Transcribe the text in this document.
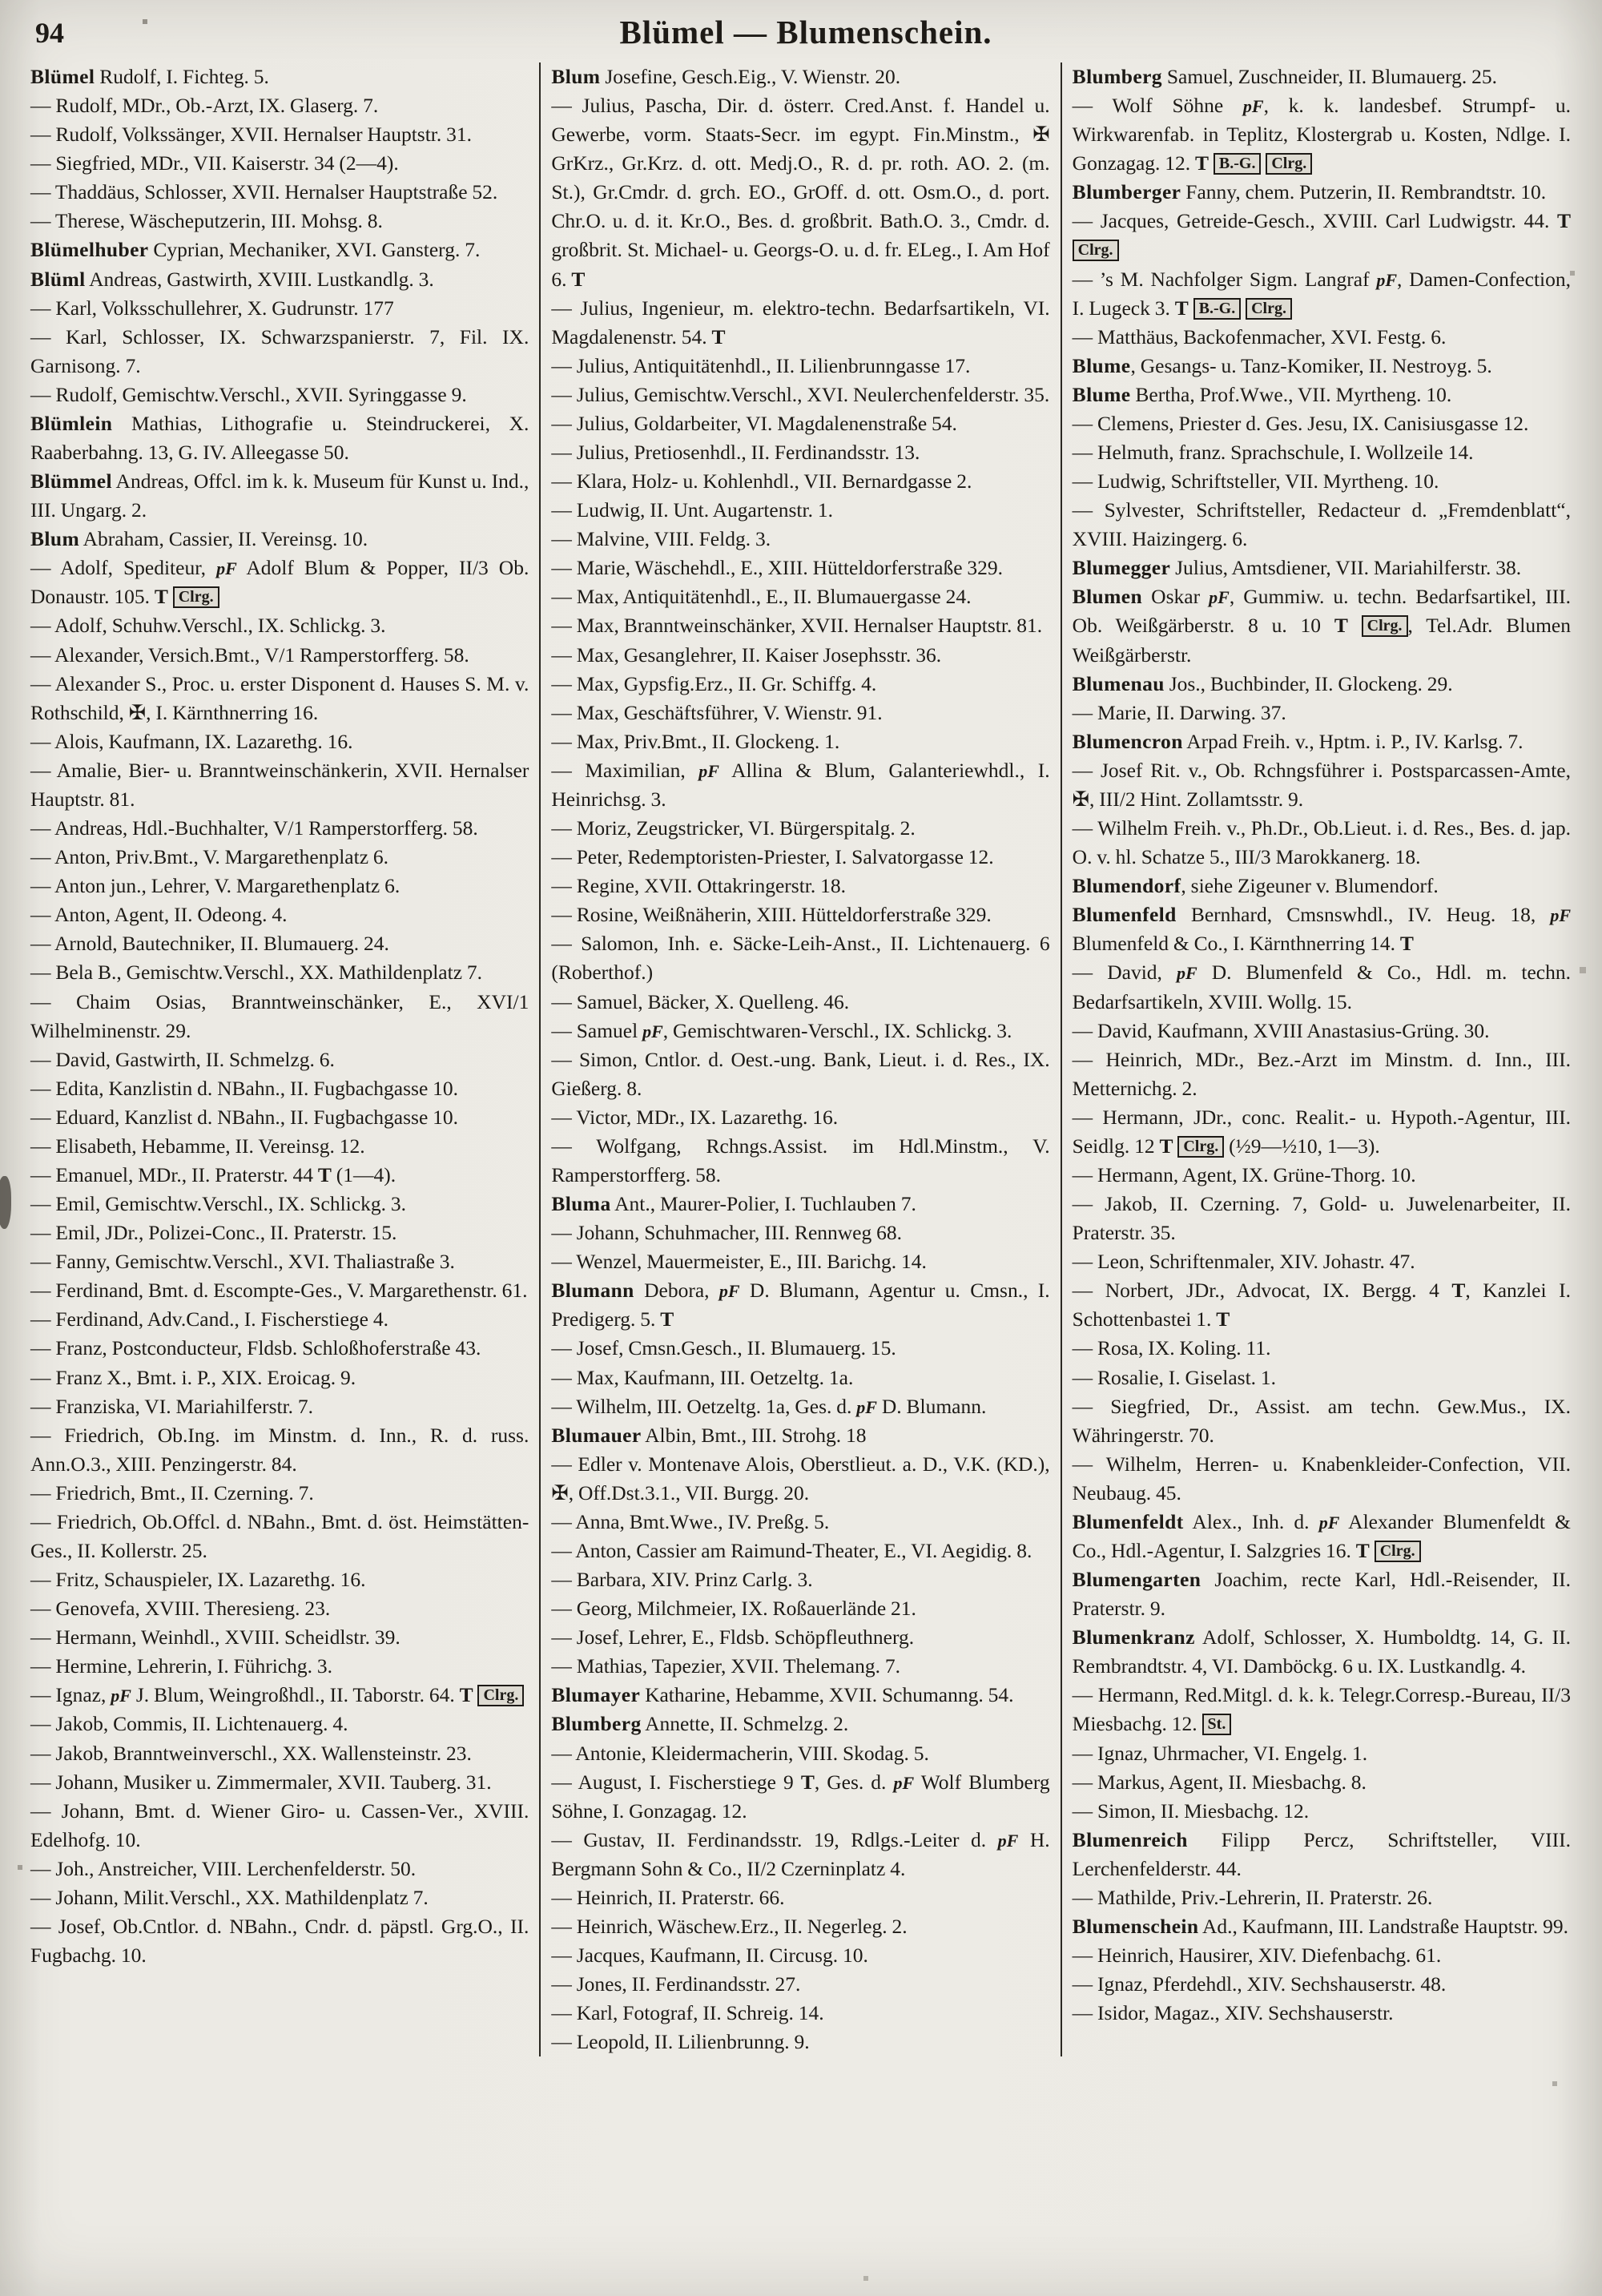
94	Blümel — Blumenschein.

Blümel Rudolf, I. Fichteg. 5.

— Rudolf, MDr., Ob.-Arzt, IX. Glaserg. 7.

— Rudolf, Volkssänger, XVII. Hernalser Hauptstr. 31.

— Siegfried, MDr., VII. Kaiserstr. 34 (2—4).

— Thaddäus, Schlosser, XVII. Hernalser Hauptstraße 52.

— Therese, Wäscheputzerin, III. Mohsg. 8.

Blümelhuber Cyprian, Mechaniker, XVI. Gansterg. 7.

Blüml Andreas, Gastwirth, XVIII. Lustkandlg. 3.

— Karl, Volksschullehrer, X. Gudrunstr. 177

— Karl, Schlosser, IX. Schwarzspanierstr. 7, Fil. IX. Garnisong. 7.

— Rudolf, Gemischtw.Verschl., XVII. Syringgasse 9.

Blümlein Mathias, Lithografie u. Steindruckerei, X. Raaberbahng. 13, G. IV. Alleegasse 50.

Blümmel Andreas, Offcl. im k. k. Museum für Kunst u. Ind., III. Ungarg. 2.

Blum Abraham, Cassier, II. Vereinsg. 10.

— Adolf, Spediteur, pF Adolf Blum & Popper, II/3 Ob. Donaustr. 105. T Clrg.

— Adolf, Schuhw.Verschl., IX. Schlickg. 3.

— Alexander, Versich.Bmt., V/1 Ramperstorfferg. 58.

— Alexander S., Proc. u. erster Disponent d. Hauses S. M. v. Rothschild, ✠, I. Kärnthnerring 16.

— Alois, Kaufmann, IX. Lazarethg. 16.

— Amalie, Bier- u. Branntweinschänkerin, XVII. Hernalser Hauptstr. 81.

— Andreas, Hdl.-Buchhalter, V/1 Ramperstorfferg. 58.

— Anton, Priv.Bmt., V. Margarethenplatz 6.

— Anton jun., Lehrer, V. Margarethenplatz 6.

— Anton, Agent, II. Odeong. 4.

— Arnold, Bautechniker, II. Blumauerg. 24.

— Bela B., Gemischtw.Verschl., XX. Mathildenplatz 7.

— Chaim Osias, Branntweinschänker, E., XVI/1 Wilhelminenstr. 29.

— David, Gastwirth, II. Schmelzg. 6.

— Edita, Kanzlistin d. NBahn., II. Fugbachgasse 10.

— Eduard, Kanzlist d. NBahn., II. Fugbachgasse 10.

— Elisabeth, Hebamme, II. Vereinsg. 12.

— Emanuel, MDr., II. Praterstr. 44 T (1—4).

— Emil, Gemischtw.Verschl., IX. Schlickg. 3.

— Emil, JDr., Polizei-Conc., II. Praterstr. 15.

— Fanny, Gemischtw.Verschl., XVI. Thaliastraße 3.

— Ferdinand, Bmt. d. Escompte-Ges., V. Margarethenstr. 61.

— Ferdinand, Adv.Cand., I. Fischerstiege 4.

— Franz, Postconducteur, Fldsb. Schloßhoferstraße 43.

— Franz X., Bmt. i. P., XIX. Eroicag. 9.

— Franziska, VI. Mariahilferstr. 7.

— Friedrich, Ob.Ing. im Minstm. d. Inn., R. d. russ. Ann.O.3., XIII. Penzingerstr. 84.

— Friedrich, Bmt., II. Czerning. 7.

— Friedrich, Ob.Offcl. d. NBahn., Bmt. d. öst. Heimstätten-Ges., II. Kollerstr. 25.

— Fritz, Schauspieler, IX. Lazarethg. 16.

— Genovefa, XVIII. Theresieng. 23.

— Hermann, Weinhdl., XVIII. Scheidlstr. 39.

— Hermine, Lehrerin, I. Führichg. 3.

— Ignaz, pF J. Blum, Weingroßhdl., II. Taborstr. 64. T Clrg.

— Jakob, Commis, II. Lichtenauerg. 4.

— Jakob, Branntweinverschl., XX. Wallensteinstr. 23.

— Johann, Musiker u. Zimmermaler, XVII. Tauberg. 31.

— Johann, Bmt. d. Wiener Giro- u. Cassen-Ver., XVIII. Edelhofg. 10.

— Joh., Anstreicher, VIII. Lerchenfelderstr. 50.

— Johann, Milit.Verschl., XX. Mathildenplatz 7.

— Josef, Ob.Cntlor. d. NBahn., Cndr. d. päpstl. Grg.O., II. Fugbachg. 10.

Blum Josefine, Gesch.Eig., V. Wienstr. 20.

— Julius, Pascha, Dir. d. österr. Cred.Anst. f. Handel u. Gewerbe, vorm. Staats-Secr. im egypt. Fin.Minstm., ✠ GrKrz., Gr.Krz. d. ott. Medj.O., R. d. pr. roth. AO. 2. (m. St.), Gr.Cmdr. d. grch. EO., GrOff. d. ott. Osm.O., d. port. Chr.O. u. d. it. Kr.O., Bes. d. großbrit. Bath.O. 3., Cmdr. d. großbrit. St. Michael- u. Georgs-O. u. d. fr. ELeg., I. Am Hof 6. T

— Julius, Ingenieur, m. elektro-techn. Bedarfsartikeln, VI. Magdalenenstr. 54. T

— Julius, Antiquitätenhdl., II. Lilienbrunngasse 17.

— Julius, Gemischtw.Verschl., XVI. Neulerchenfelderstr. 35.

— Julius, Goldarbeiter, VI. Magdalenenstraße 54.

— Julius, Pretiosenhdl., II. Ferdinandsstr. 13.

— Klara, Holz- u. Kohlenhdl., VII. Bernardgasse 2.

— Ludwig, II. Unt. Augartenstr. 1.

— Malvine, VIII. Feldg. 3.

— Marie, Wäschehdl., E., XIII. Hütteldorferstraße 329.

— Max, Antiquitätenhdl., E., II. Blumauergasse 24.

— Max, Branntweinschänker, XVII. Hernalser Hauptstr. 81.

— Max, Gesanglehrer, II. Kaiser Josephsstr. 36.

— Max, Gypsfig.Erz., II. Gr. Schiffg. 4.

— Max, Geschäftsführer, V. Wienstr. 91.

— Max, Priv.Bmt., II. Glockeng. 1.

— Maximilian, pF Allina & Blum, Galanteriewhdl., I. Heinrichsg. 3.

— Moriz, Zeugstricker, VI. Bürgerspitalg. 2.

— Peter, Redemptoristen-Priester, I. Salvatorgasse 12.

— Regine, XVII. Ottakringerstr. 18.

— Rosine, Weißnäherin, XIII. Hütteldorferstraße 329.

— Salomon, Inh. e. Säcke-Leih-Anst., II. Lichtenauerg. 6 (Roberthof.)

— Samuel, Bäcker, X. Quelleng. 46.

— Samuel pF, Gemischtwaren-Verschl., IX. Schlickg. 3.

— Simon, Cntlor. d. Oest.-ung. Bank, Lieut. i. d. Res., IX. Gießerg. 8.

— Victor, MDr., IX. Lazarethg. 16.

— Wolfgang, Rchngs.Assist. im Hdl.Minstm., V. Ramperstorfferg. 58.

Bluma Ant., Maurer-Polier, I. Tuchlauben 7.

— Johann, Schuhmacher, III. Rennweg 68.

— Wenzel, Mauermeister, E., III. Barichg. 14.

Blumann Debora, pF D. Blumann, Agentur u. Cmsn., I. Predigerg. 5. T

— Josef, Cmsn.Gesch., II. Blumauerg. 15.

— Max, Kaufmann, III. Oetzeltg. 1a.

— Wilhelm, III. Oetzeltg. 1a, Ges. d. pF D. Blumann.

Blumauer Albin, Bmt., III. Strohg. 18

— Edler v. Montenave Alois, Oberstlieut. a. D., V.K. (KD.), ✠, Off.Dst.3.1., VII. Burgg. 20.

— Anna, Bmt.Wwe., IV. Preßg. 5.

— Anton, Cassier am Raimund-Theater, E., VI. Aegidig. 8.

— Barbara, XIV. Prinz Carlg. 3.

— Georg, Milchmeier, IX. Roßauerlände 21.

— Josef, Lehrer, E., Fldsb. Schöpfleuthnerg.

— Mathias, Tapezier, XVII. Thelemang. 7.

Blumayer Katharine, Hebamme, XVII. Schumanng. 54.

Blumberg Annette, II. Schmelzg. 2.

— Antonie, Kleidermacherin, VIII. Skodag. 5.

— August, I. Fischerstiege 9 T, Ges. d. pF Wolf Blumberg Söhne, I. Gonzagag. 12.

— Gustav, II. Ferdinandsstr. 19, Rdlgs.-Leiter d. pF H. Bergmann Sohn & Co., II/2 Czerninplatz 4.

— Heinrich, II. Praterstr. 66.

— Heinrich, Wäschew.Erz., II. Negerleg. 2.

— Jacques, Kaufmann, II. Circusg. 10.

— Jones, II. Ferdinandsstr. 27.

— Karl, Fotograf, II. Schreig. 14.

— Leopold, II. Lilienbrunng. 9.

Blumberg Samuel, Zuschneider, II. Blumauerg. 25.

— Wolf Söhne pF, k. k. landesbef. Strumpf- u. Wirkwarenfab. in Teplitz, Klostergrab u. Kosten, Ndlge. I. Gonzagag. 12. T B.-G. Clrg.

Blumberger Fanny, chem. Putzerin, II. Rembrandtstr. 10.

— Jacques, Getreide-Gesch., XVIII. Carl Ludwigstr. 44. T Clrg.

— ’s M. Nachfolger Sigm. Langraf pF, Damen-Confection, I. Lugeck 3. T B.-G. Clrg.

— Matthäus, Backofenmacher, XVI. Festg. 6.

Blume, Gesangs- u. Tanz-Komiker, II. Nestroyg. 5.

Blume Bertha, Prof.Wwe., VII. Myrtheng. 10.

— Clemens, Priester d. Ges. Jesu, IX. Canisiusgasse 12.

— Helmuth, franz. Sprachschule, I. Wollzeile 14.

— Ludwig, Schriftsteller, VII. Myrtheng. 10.

— Sylvester, Schriftsteller, Redacteur d. „Fremdenblatt“, XVIII. Haizingerg. 6.

Blumegger Julius, Amtsdiener, VII. Mariahilferstr. 38.

Blumen Oskar pF, Gummiw. u. techn. Bedarfsartikel, III. Ob. Weißgärberstr. 8 u. 10 T Clrg. , Tel.Adr. Blumen Weißgärberstr.

Blumenau Jos., Buchbinder, II. Glockeng. 29.

— Marie, II. Darwing. 37.

Blumencron Arpad Freih. v., Hptm. i. P., IV. Karlsg. 7.

— Josef Rit. v., Ob. Rchngsführer i. Postsparcassen-Amte, ✠, III/2 Hint. Zollamtsstr. 9.

— Wilhelm Freih. v., Ph.Dr., Ob.Lieut. i. d. Res., Bes. d. jap. O. v. hl. Schatze 5., III/3 Marokkanerg. 18.

Blumendorf, siehe Zigeuner v. Blumendorf.

Blumenfeld Bernhard, Cmsnswhdl., IV. Heug. 18, pF Blumenfeld & Co., I. Kärnthnerring 14. T

— David, pF D. Blumenfeld & Co., Hdl. m. techn. Bedarfsartikeln, XVIII. Wollg. 15.

— David, Kaufmann, XVIII Anastasius-Grüng. 30.

— Heinrich, MDr., Bez.-Arzt im Minstm. d. Inn., III. Metternichg. 2.

— Hermann, JDr., conc. Realit.- u. Hypoth.-Agentur, III. Seidlg. 12 T Clrg. (½9—½10, 1—3).

— Hermann, Agent, IX. Grüne-Thorg. 10.

— Jakob, II. Czerning. 7, Gold- u. Juwelenarbeiter, II. Praterstr. 35.

— Leon, Schriftenmaler, XIV. Johastr. 47.

— Norbert, JDr., Advocat, IX. Bergg. 4 T, Kanzlei I. Schottenbastei 1. T

— Rosa, IX. Koling. 11.

— Rosalie, I. Giselast. 1.

— Siegfried, Dr., Assist. am techn. Gew.Mus., IX. Währingerstr. 70.

— Wilhelm, Herren- u. Knabenkleider-Confection, VII. Neubaug. 45.

Blumenfeldt Alex., Inh. d. pF Alexander Blumenfeldt & Co., Hdl.-Agentur, I. Salzgries 16. T Clrg.

Blumengarten Joachim, recte Karl, Hdl.-Reisender, II. Praterstr. 9.

Blumenkranz Adolf, Schlosser, X. Humboldtg. 14, G. II. Rembrandtstr. 4, VI. Damböckg. 6 u. IX. Lustkandlg. 4.

— Hermann, Red.Mitgl. d. k. k. Telegr.Corresp.-Bureau, II/3 Miesbachg. 12. St.

— Ignaz, Uhrmacher, VI. Engelg. 1.

— Markus, Agent, II. Miesbachg. 8.

— Simon, II. Miesbachg. 12.

Blumenreich Filipp Percz, Schriftsteller, VIII. Lerchenfelderstr. 44.

— Mathilde, Priv.-Lehrerin, II. Praterstr. 26.

Blumenschein Ad., Kaufmann, III. Landstraße Hauptstr. 99.

— Heinrich, Hausirer, XIV. Diefenbachg. 61.

— Ignaz, Pferdehdl., XIV. Sechshauserstr. 48.

— Isidor, Magaz., XIV. Sechshauserstr.
